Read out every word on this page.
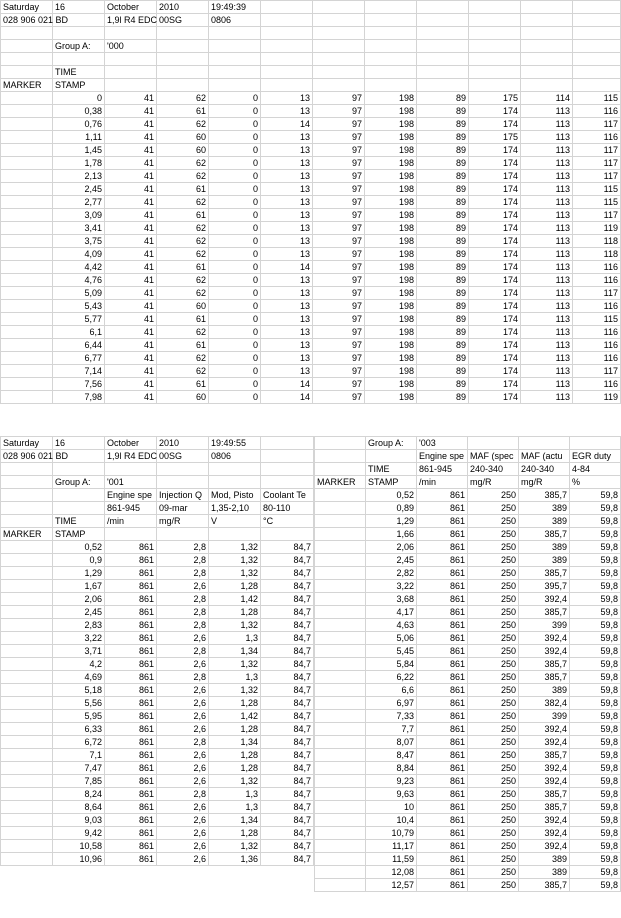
Saturday	16	October	2010	19:49:39							
028 906 021 BD		1,9l R4 EDC	00SG	0806							

	Group A:	'000									

	TIME										
MARKER	STAMP										
	0	41	62	0	13	97	198	89	175	114	115
	0,38	41	61	0	13	97	198	89	174	113	116
	0,76	41	62	0	14	97	198	89	174	113	117
	1,11	41	60	0	13	97	198	89	175	113	116
	1,45	41	60	0	13	97	198	89	174	113	117
	1,78	41	62	0	13	97	198	89	174	113	117
	2,13	41	62	0	13	97	198	89	174	113	117
	2,45	41	61	0	13	97	198	89	174	113	115
	2,77	41	62	0	13	97	198	89	174	113	115
	3,09	41	61	0	13	97	198	89	174	113	117
	3,41	41	62	0	13	97	198	89	174	113	119
	3,75	41	62	0	13	97	198	89	174	113	118
	4,09	41	62	0	13	97	198	89	174	113	118
	4,42	41	61	0	14	97	198	89	174	113	116
	4,76	41	62	0	13	97	198	89	174	113	116
	5,09	41	62	0	13	97	198	89	174	113	117
	5,43	41	60	0	13	97	198	89	174	113	116
	5,77	41	61	0	13	97	198	89	174	113	115
	6,1	41	62	0	13	97	198	89	174	113	116
	6,44	41	61	0	13	97	198	89	174	113	116
	6,77	41	62	0	13	97	198	89	174	113	116
	7,14	41	62	0	13	97	198	89	174	113	117
	7,56	41	61	0	14	97	198	89	174	113	116
	7,98	41	60	0	14	97	198	89	174	113	119
Saturday	16	October	2010	19:49:55	
028 906 021 BD		1,9l R4 EDC	00SG	0806	

	Group A:	'001			
		Engine spe	Injection Q	Mod, Pisto	Coolant Te
		861-945	09-mar	1,35-2,10	80-110
	TIME	/min	mg/R	V	°C
MARKER	STAMP				
	0,52	861	2,8	1,32	84,7
	0,9	861	2,8	1,32	84,7
	1,29	861	2,8	1,32	84,7
	1,67	861	2,6	1,28	84,7
	2,06	861	2,8	1,42	84,7
	2,45	861	2,8	1,28	84,7
	2,83	861	2,8	1,32	84,7
	3,22	861	2,6	1,3	84,7
	3,71	861	2,8	1,34	84,7
	4,2	861	2,6	1,32	84,7
	4,69	861	2,8	1,3	84,7
	5,18	861	2,6	1,32	84,7
	5,56	861	2,6	1,28	84,7
	5,95	861	2,6	1,42	84,7
	6,33	861	2,6	1,28	84,7
	6,72	861	2,8	1,34	84,7
	7,1	861	2,6	1,28	84,7
	7,47	861	2,6	1,28	84,7
	7,85	861	2,6	1,32	84,7
	8,24	861	2,8	1,3	84,7
	8,64	861	2,6	1,3	84,7
	9,03	861	2,6	1,34	84,7
	9,42	861	2,6	1,28	84,7
	10,58	861	2,6	1,32	84,7
	10,96	861	2,6	1,36	84,7
	Group A:	'003			
		Engine spe	MAF (spec	MAF (actu	EGR duty
	TIME	861-945	240-340	240-340	4-84
MARKER	STAMP	/min	mg/R	mg/R	%
	0,52	861	250	385,7	59,8
	0,89	861	250	389	59,8
	1,29	861	250	389	59,8
	1,66	861	250	385,7	59,8
	2,06	861	250	389	59,8
	2,45	861	250	389	59,8
	2,82	861	250	385,7	59,8
	3,22	861	250	395,7	59,8
	3,68	861	250	392,4	59,8
	4,17	861	250	385,7	59,8
	4,63	861	250	399	59,8
	5,06	861	250	392,4	59,8
	5,45	861	250	392,4	59,8
	5,84	861	250	385,7	59,8
	6,22	861	250	385,7	59,8
	6,6	861	250	389	59,8
	6,97	861	250	382,4	59,8
	7,33	861	250	399	59,8
	7,7	861	250	392,4	59,8
	8,07	861	250	392,4	59,8
	8,47	861	250	385,7	59,8
	8,84	861	250	392,4	59,8
	9,23	861	250	392,4	59,8
	9,63	861	250	385,7	59,8
	10	861	250	385,7	59,8
	10,4	861	250	392,4	59,8
	10,79	861	250	392,4	59,8
	11,17	861	250	392,4	59,8
	11,59	861	250	389	59,8
	12,08	861	250	389	59,8
	12,57	861	250	385,7	59,8
